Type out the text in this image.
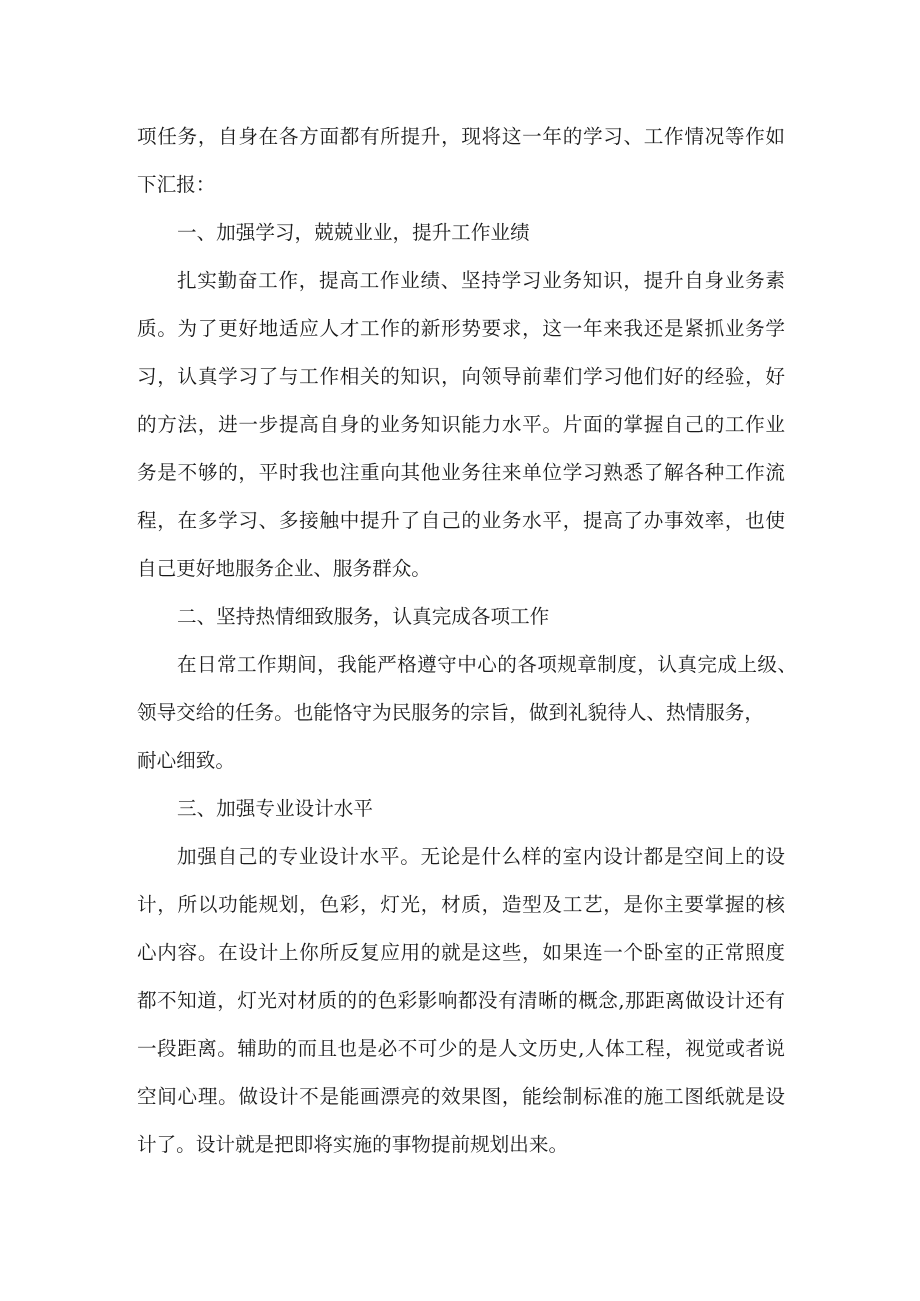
项任务，自身在各方面都有所提升，现将这一年的学习、工作情况等作如
下汇报：
一、加强学习，兢兢业业，提升工作业绩
扎实勤奋工作，提高工作业绩、坚持学习业务知识，提升自身业务素
质。为了更好地适应人才工作的新形势要求，这一年来我还是紧抓业务学
习，认真学习了与工作相关的知识，向领导前辈们学习他们好的经验，好
的方法，进一步提高自身的业务知识能力水平。片面的掌握自己的工作业
务是不够的，平时我也注重向其他业务往来单位学习熟悉了解各种工作流
程，在多学习、多接触中提升了自己的业务水平，提高了办事效率，也使
自己更好地服务企业、服务群众。
二、坚持热情细致服务，认真完成各项工作
在日常工作期间，我能严格遵守中心的各项规章制度，认真完成上级、
领导交给的任务。也能恪守为民服务的宗旨，做到礼貌待人、热情服务，
耐心细致。
三、加强专业设计水平
加强自己的专业设计水平。无论是什么样的室内设计都是空间上的设
计，所以功能规划，色彩，灯光，材质，造型及工艺，是你主要掌握的核
心内容。在设计上你所反复应用的就是这些，如果连一个卧室的正常照度
都不知道，灯光对材质的的色彩影响都没有清晰的概念,那距离做设计还有
一段距离。辅助的而且也是必不可少的是人文历史,人体工程，视觉或者说
空间心理。做设计不是能画漂亮的效果图，能绘制标准的施工图纸就是设
计了。设计就是把即将实施的事物提前规划出来。
